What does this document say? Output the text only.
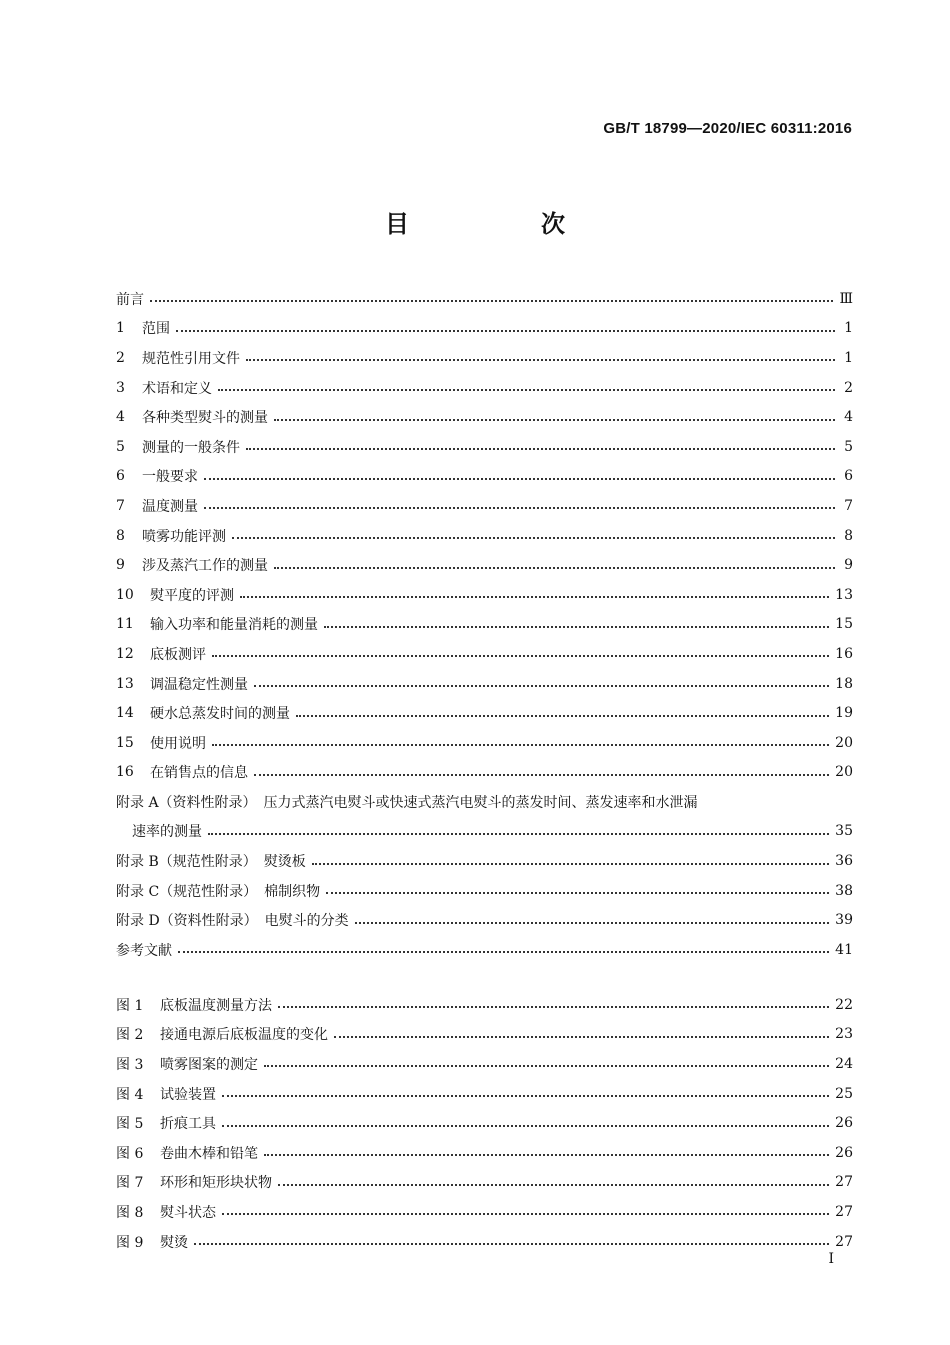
GB/T 18799—2020/IEC 60311:2016
目　次
前言	Ⅲ
1	范围	1
2	规范性引用文件	1
3	术语和定义	2
4	各种类型熨斗的测量	4
5	测量的一般条件	5
6	一般要求	6
7	温度测量	7
8	喷雾功能评测	8
9	涉及蒸汽工作的测量	9
10	熨平度的评测	13
11	输入功率和能量消耗的测量	15
12	底板测评	16
13	调温稳定性测量	18
14	硬水总蒸发时间的测量	19
15	使用说明	20
16	在销售点的信息	20
附录 A（资料性附录）　压力式蒸汽电熨斗或快速式蒸汽电熨斗的蒸发时间、蒸发速率和水泄漏
速率的测量	35
附录 B（规范性附录）　熨烫板	36
附录 C（规范性附录）　棉制织物	38
附录 D（资料性附录）　电熨斗的分类	39
参考文献	41
图 1	底板温度测量方法	22
图 2	接通电源后底板温度的变化	23
图 3	喷雾图案的测定	24
图 4	试验装置	25
图 5	折痕工具	26
图 6	卷曲木棒和铅笔	26
图 7	环形和矩形块状物	27
图 8	熨斗状态	27
图 9	熨烫	27
I
